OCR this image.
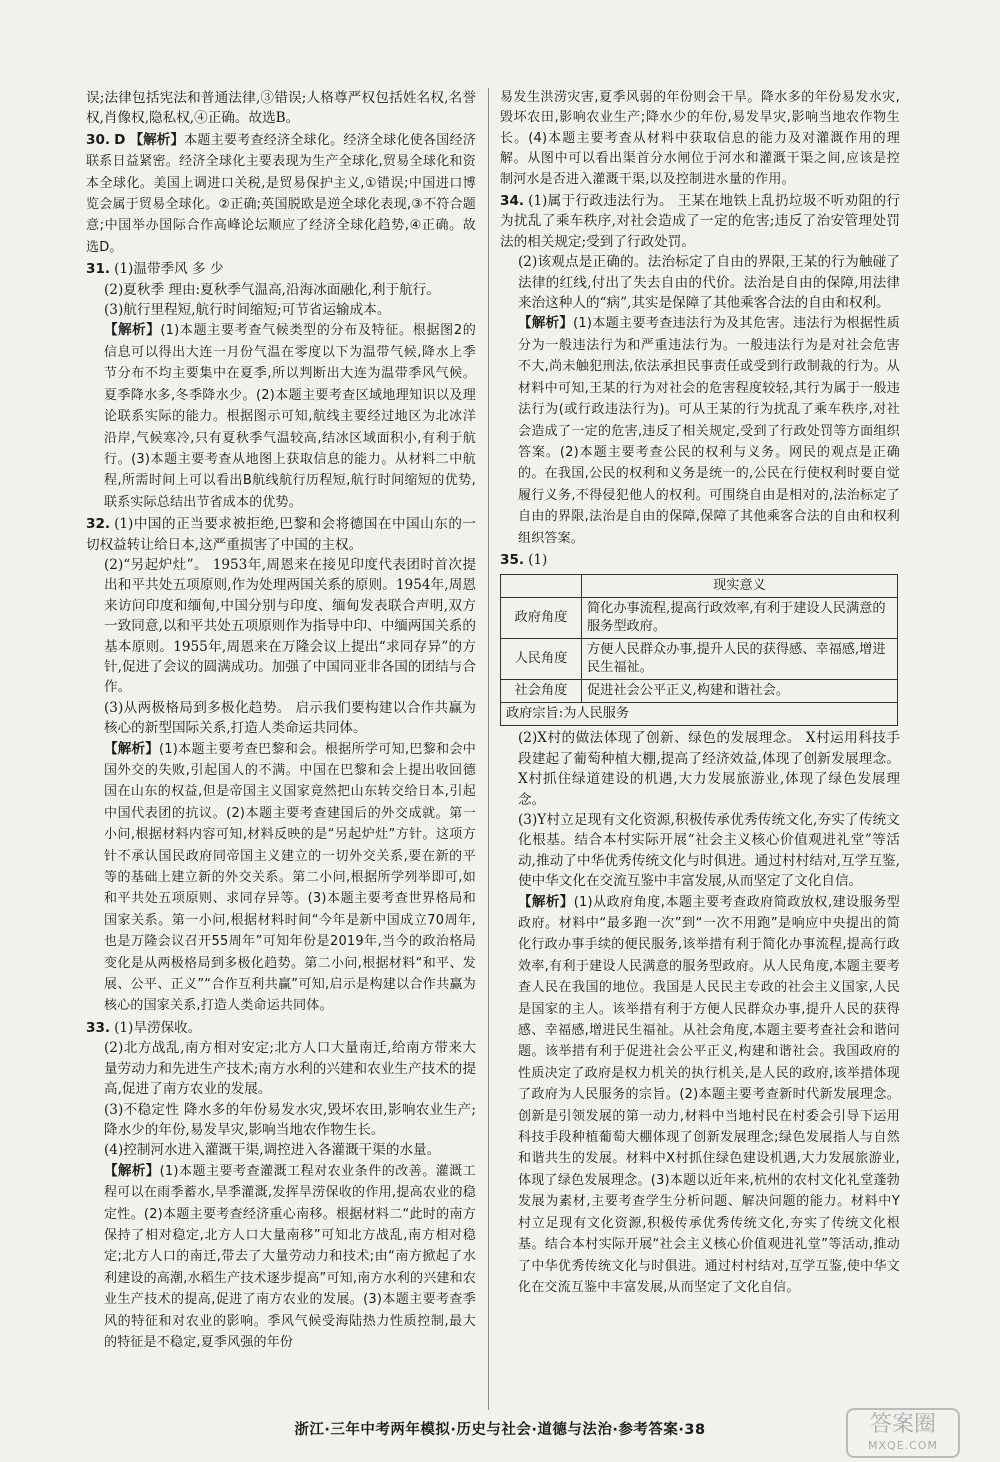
误;法律包括宪法和普通法律,③错误;人格尊严权包括姓名权,名誉权,肖像权,隐私权,④正确。故选B。

30. D 【解析】本题主要考查经济全球化。经济全球化使各国经济联系日益紧密。经济全球化主要表现为生产全球化,贸易全球化和资本全球化。美国上调进口关税,是贸易保护主义,①错误;中国进口博览会属于贸易全球化。②正确;英国脱欧是逆全球化表现,③不符合题意;中国举办国际合作高峰论坛顺应了经济全球化趋势,④正确。故选D。

31. (1)温带季风 多 少

(2)夏秋季 理由:夏秋季气温高,沿海冰面融化,利于航行。

(3)航行里程短,航行时间缩短;可节省运输成本。

【解析】(1)本题主要考查气候类型的分布及特征。根据图2的信息可以得出大连一月份气温在零度以下为温带气候,降水上季节分布不均主要集中在夏季,所以判断出大连为温带季风气候。夏季降水多,冬季降水少。(2)本题主要考查区域地理知识以及理论联系实际的能力。根据图示可知,航线主要经过地区为北冰洋沿岸,气候寒冷,只有夏秋季气温较高,结冰区域面积小,有利于航行。(3)本题主要考查从地图上获取信息的能力。从材料二中航程,所需时间上可以看出B航线航行历程短,航行时间缩短的优势,联系实际总结出节省成本的优势。

32. (1)中国的正当要求被拒绝,巴黎和会将德国在中国山东的一切权益转让给日本,这严重损害了中国的主权。

(2)“另起炉灶”。 1953年,周恩来在接见印度代表团时首次提出和平共处五项原则,作为处理两国关系的原则。1954年,周恩来访问印度和缅甸,中国分别与印度、缅甸发表联合声明,双方一致同意,以和平共处五项原则作为指导中印、中缅两国关系的基本原则。1955年,周恩来在万隆会议上提出“求同存异”的方针,促进了会议的圆满成功。加强了中国同亚非各国的团结与合作。

(3)从两极格局到多极化趋势。 启示我们要构建以合作共赢为核心的新型国际关系,打造人类命运共同体。

【解析】(1)本题主要考查巴黎和会。根据所学可知,巴黎和会中国外交的失败,引起国人的不满。中国在巴黎和会上提出收回德国在山东的权益,但是帝国主义国家竟然把山东转交给日本,引起中国代表团的抗议。(2)本题主要考查建国后的外交成就。第一小问,根据材料内容可知,材料反映的是“另起炉灶”方针。这项方针不承认国民政府同帝国主义建立的一切外交关系,要在新的平等的基础上建立新的外交关系。第二小问,根据所学列举即可,如和平共处五项原则、求同存异等。(3)本题主要考查世界格局和国家关系。第一小问,根据材料时间“今年是新中国成立70周年,也是万隆会议召开55周年”可知年份是2019年,当今的政治格局变化是从两极格局到多极化趋势。第二小问,根据材料“和平、发展、公平、正义”“合作互利共赢”可知,启示是构建以合作共赢为核心的国家关系,打造人类命运共同体。

33. (1)旱涝保收。

(2)北方战乱,南方相对安定;北方人口大量南迁,给南方带来大量劳动力和先进生产技术;南方水利的兴建和农业生产技术的提高,促进了南方农业的发展。

(3)不稳定性 降水多的年份易发水灾,毁坏农田,影响农业生产;降水少的年份,易发旱灾,影响当地农作物生长。

(4)控制河水进入灌溉干渠,调控进入各灌溉干渠的水量。

【解析】(1)本题主要考查灌溉工程对农业条件的改善。灌溉工程可以在雨季蓄水,旱季灌溉,发挥旱涝保收的作用,提高农业的稳定性。(2)本题主要考查经济重心南移。根据材料二“此时的南方保持了相对稳定,北方人口大量南移”可知北方战乱,南方相对稳定;北方人口的南迁,带去了大量劳动力和技术;由“南方掀起了水利建设的高潮,水稻生产技术逐步提高”可知,南方水利的兴建和农业生产技术的提高,促进了南方农业的发展。(3)本题主要考查季风的特征和对农业的影响。季风气候受海陆热力性质控制,最大的特征是不稳定,夏季风强的年份

易发生洪涝灾害,夏季风弱的年份则会干旱。降水多的年份易发水灾,毁坏农田,影响农业生产;降水少的年份,易发旱灾,影响当地农作物生长。(4)本题主要考查从材料中获取信息的能力及对灌溉作用的理解。从图中可以看出渠首分水闸位于河水和灌溉干渠之间,应该是控制河水是否进入灌溉干渠,以及控制进水量的作用。

34. (1)属于行政违法行为。 王某在地铁上乱扔垃圾不听劝阻的行为扰乱了乘车秩序,对社会造成了一定的危害;违反了治安管理处罚法的相关规定;受到了行政处罚。

(2)该观点是正确的。法治标定了自由的界限,王某的行为触碰了法律的红线,付出了失去自由的代价。法治是自由的保障,用法律来治这种人的“病”,其实是保障了其他乘客合法的自由和权利。

【解析】(1)本题主要考查违法行为及其危害。违法行为根据性质分为一般违法行为和严重违法行为。一般违法行为是对社会危害不大,尚未触犯刑法,依法承担民事责任或受到行政制裁的行为。从材料中可知,王某的行为对社会的危害程度较轻,其行为属于一般违法行为(或行政违法行为)。可从王某的行为扰乱了乘车秩序,对社会造成了一定的危害,违反了相关规定,受到了行政处罚等方面组织答案。(2)本题主要考查公民的权利与义务。网民的观点是正确的。在我国,公民的权利和义务是统一的,公民在行使权利时要自觉履行义务,不得侵犯他人的权利。可围绕自由是相对的,法治标定了自由的界限,法治是自由的保障,保障了其他乘客合法的自由和权利组织答案。

35. (1)

	现实意义
政府角度	简化办事流程,提高行政效率,有利于建设人民满意的服务型政府。
人民角度	方便人民群众办事,提升人民的获得感、幸福感,增进民生福祉。
社会角度	促进社会公平正义,构建和谐社会。
政府宗旨:为人民服务	

(2)X村的做法体现了创新、绿色的发展理念。 X村运用科技手段建起了葡萄种植大棚,提高了经济效益,体现了创新发展理念。X村抓住绿道建设的机遇,大力发展旅游业,体现了绿色发展理念。

(3)Y村立足现有文化资源,积极传承优秀传统文化,夯实了传统文化根基。结合本村实际开展“社会主义核心价值观进礼堂”等活动,推动了中华优秀传统文化与时俱进。通过村村结对,互学互鉴,使中华文化在交流互鉴中丰富发展,从而坚定了文化自信。

【解析】(1)从政府角度,本题主要考查政府简政放权,建设服务型政府。材料中“最多跑一次”到“一次不用跑”是响应中央提出的简化行政办事手续的便民服务,该举措有利于简化办事流程,提高行政效率,有利于建设人民满意的服务型政府。从人民角度,本题主要考查人民在我国的地位。我国是人民民主专政的社会主义国家,人民是国家的主人。该举措有利于方便人民群众办事,提升人民的获得感、幸福感,增进民生福祉。从社会角度,本题主要考查社会和谐问题。该举措有利于促进社会公平正义,构建和谐社会。我国政府的性质决定了政府是权力机关的执行机关,是人民的政府,该举措体现了政府为人民服务的宗旨。(2)本题主要考查新时代新发展理念。创新是引领发展的第一动力,材料中当地村民在村委会引导下运用科技手段种植葡萄大棚体现了创新发展理念;绿色发展指人与自然和谐共生的发展。材料中X村抓住绿色建设机遇,大力发展旅游业,体现了绿色发展理念。(3)本题以近年来,杭州的农村文化礼堂蓬勃发展为素材,主要考查学生分析问题、解决问题的能力。材料中Y村立足现有文化资源,积极传承优秀传统文化,夯实了传统文化根基。结合本村实际开展“社会主义核心价值观进礼堂”等活动,推动了中华优秀传统文化与时俱进。通过村村结对,互学互鉴,使中华文化在交流互鉴中丰富发展,从而坚定了文化自信。

浙江·三年中考两年模拟·历史与社会·道德与法治·参考答案·38	答案圈
MXQE.COM
